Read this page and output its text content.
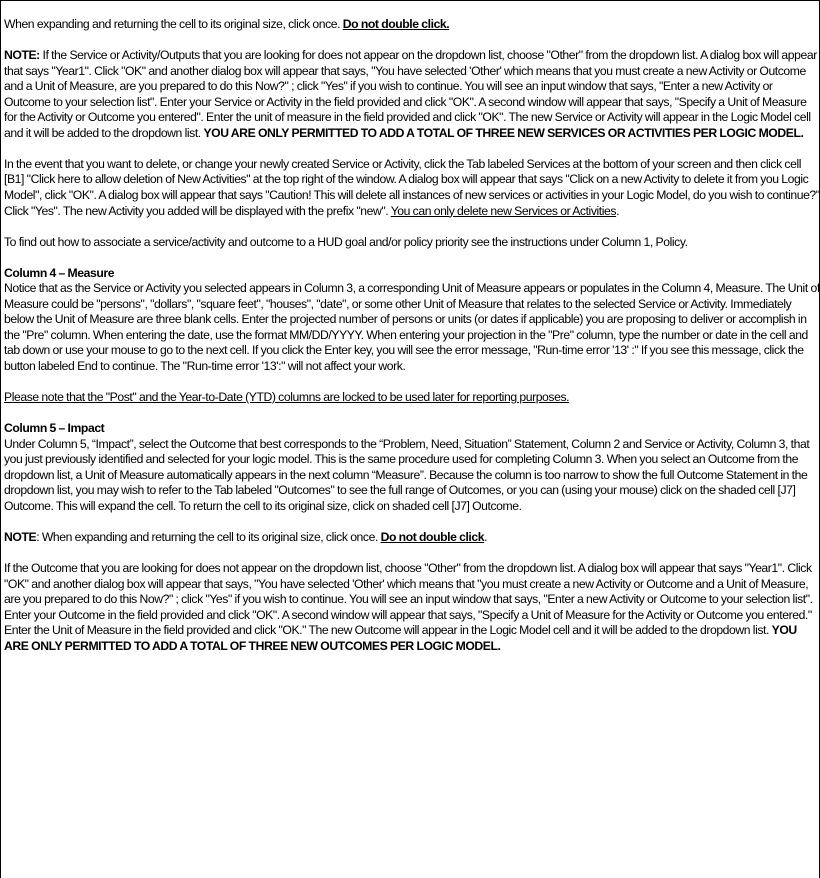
When expanding and returning the cell to its original size, click once. Do not double click.

NOTE: If the Service or Activity/Outputs that you are looking for does not appear on the dropdown list, choose "Other" from the dropdown list. A dialog box will appear that says "Year1". Click "OK" and another dialog box will appear that says, "You have selected 'Other' which means that you must create a new Activity or Outcome and a Unit of Measure, are you prepared to do this Now?" ; click "Yes" if you wish to continue. You will see an input window that says, "Enter a new Activity or Outcome to your selection list". Enter your Service or Activity in the field provided and click "OK". A second window will appear that says, "Specify a Unit of Measure for the Activity or Outcome you entered". Enter the unit of measure in the field provided and click "OK". The new Service or Activity will appear in the Logic Model cell and it will be added to the dropdown list. YOU ARE ONLY PERMITTED TO ADD A TOTAL OF THREE NEW SERVICES OR ACTIVITIES PER LOGIC MODEL.

In the event that you want to delete, or change your newly created Service or Activity, click the Tab labeled Services at the bottom of your screen and then click cell [B1] "Click here to allow deletion of New Activities" at the top right of the window. A dialog box will appear that says "Click on a new Activity to delete it from you Logic Model", click "OK". A dialog box will appear that says "Caution! This will delete all instances of new services or activities in your Logic Model, do you wish to continue?" Click "Yes". The new Activity you added will be displayed with the prefix "new". You can only delete new Services or Activities.

To find out how to associate a service/activity and outcome to a HUD goal and/or policy priority see the instructions under Column 1, Policy.

Column 4 – Measure
Notice that as the Service or Activity you selected appears in Column 3, a corresponding Unit of Measure appears or populates in the Column 4, Measure. The Unit of Measure could be "persons", "dollars", "square feet", "houses", "date", or some other Unit of Measure that relates to the selected Service or Activity. Immediately below the Unit of Measure are three blank cells. Enter the projected number of persons or units (or dates if applicable) you are proposing to deliver or accomplish in the "Pre" column. When entering the date, use the format MM/DD/YYYY. When entering your projection in the "Pre" column, type the number or date in the cell and tab down or use your mouse to go to the next cell. If you click the Enter key, you will see the error message, "Run-time error '13' :" If you see this message, click the button labeled End to continue. The "Run-time error '13':" will not affect your work.

Please note that the "Post" and the Year-to-Date (YTD) columns are locked to be used later for reporting purposes.

Column 5 – Impact
Under Column 5, “Impact”, select the Outcome that best corresponds to the “Problem, Need, Situation” Statement, Column 2 and Service or Activity, Column 3, that you just previously identified and selected for your logic model. This is the same procedure used for completing Column 3. When you select an Outcome from the dropdown list, a Unit of Measure automatically appears in the next column “Measure”. Because the column is too narrow to show the full Outcome Statement in the dropdown list, you may wish to refer to the Tab labeled "Outcomes" to see the full range of Outcomes, or you can (using your mouse) click on the shaded cell [J7] Outcome. This will expand the cell. To return the cell to its original size, click on shaded cell [J7] Outcome.

NOTE: When expanding and returning the cell to its original size, click once. Do not double click.

If the Outcome that you are looking for does not appear on the dropdown list, choose "Other" from the dropdown list. A dialog box will appear that says "Year1". Click "OK" and another dialog box will appear that says, "You have selected 'Other' which means that "you must create a new Activity or Outcome and a Unit of Measure, are you prepared to do this Now?" ; click "Yes" if you wish to continue. You will see an input window that says, "Enter a new Activity or Outcome to your selection list". Enter your Outcome in the field provided and click "OK". A second window will appear that says, "Specify a Unit of Measure for the Activity or Outcome you entered." Enter the Unit of Measure in the field provided and click "OK." The new Outcome will appear in the Logic Model cell and it will be added to the dropdown list. YOU ARE ONLY PERMITTED TO ADD A TOTAL OF THREE NEW OUTCOMES PER LOGIC MODEL.
